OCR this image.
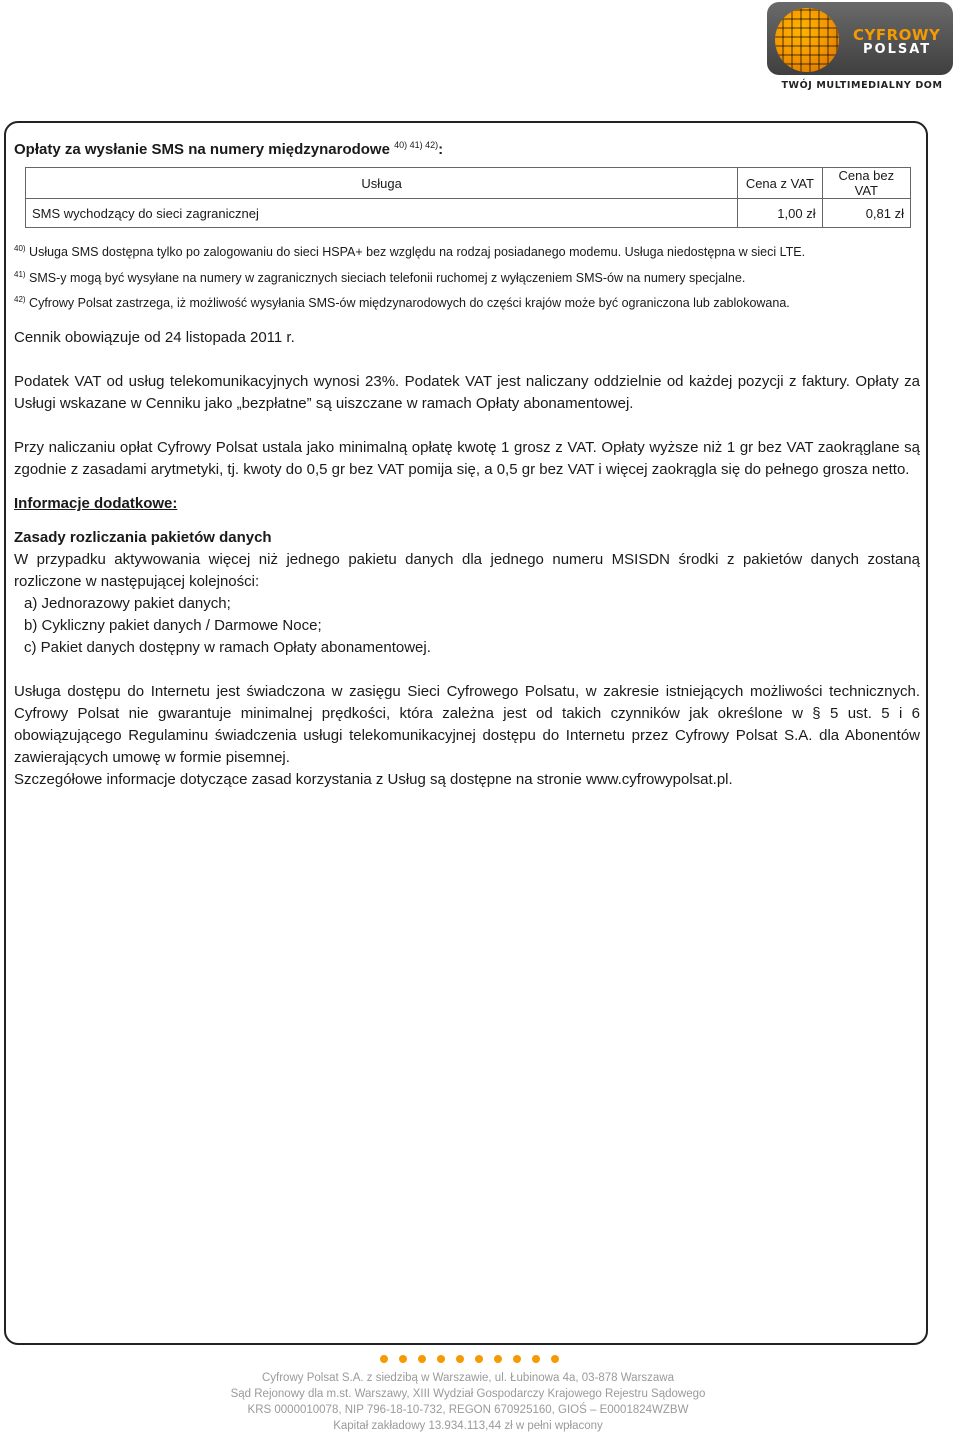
CYFROWY
POLSAT
TWÓJ MULTIMEDIALNY DOM

Opłaty za wysłanie SMS na numery międzynarodowe $^{40) 41) 42)}$:

Usługa	Cena z VAT	Cena bez VAT
SMS wychodzący do sieci zagranicznej	1,00 zł	0,81 zł

$^{40)}$ Usługa SMS dostępna tylko po zalogowaniu do sieci HSPA+ bez względu na rodzaj posiadanego modemu. Usługa niedostępna w sieci LTE.

$^{41)}$ SMS-y mogą być wysyłane na numery w zagranicznych sieciach telefonii ruchomej z wyłączeniem SMS-ów na numery specjalne.

$^{42)}$ Cyfrowy Polsat zastrzega, iż możliwość wysyłania SMS-ów międzynarodowych do części krajów może być ograniczona lub zablokowana.

Cennik obowiązuje od 24 listopada 2011 r.

Podatek VAT od usług telekomunikacyjnych wynosi 23%. Podatek VAT jest naliczany oddzielnie od każdej pozycji z faktury. Opłaty za Usługi wskazane w Cenniku jako „bezpłatne” są uiszczane w ramach Opłaty abonamentowej.

Przy naliczaniu opłat Cyfrowy Polsat ustala jako minimalną opłatę kwotę 1 grosz z VAT. Opłaty wyższe niż 1 gr bez VAT zaokrąglane są zgodnie z zasadami arytmetyki, tj. kwoty do 0,5 gr bez VAT pomija się, a 0,5 gr bez VAT i więcej zaokrągla się do pełnego grosza netto.

Informacje dodatkowe:

Zasady rozliczania pakietów danych

W przypadku aktywowania więcej niż jednego pakietu danych dla jednego numeru MSISDN środki z pakietów danych zostaną rozliczone w następującej kolejności:

a) Jednorazowy pakiet danych;

b) Cykliczny pakiet danych / Darmowe Noce;

c) Pakiet danych dostępny w ramach Opłaty abonamentowej.

Usługa dostępu do Internetu jest świadczona w zasięgu Sieci Cyfrowego Polsatu, w zakresie istniejących możliwości technicznych. Cyfrowy Polsat nie gwarantuje minimalnej prędkości, która zależna jest od takich czynników jak określone w § 5 ust. 5 i 6 obowiązującego Regulaminu świadczenia usługi telekomunikacyjnej dostępu do Internetu przez Cyfrowy Polsat S.A. dla Abonentów zawierających umowę w formie pisemnej.

Szczegółowe informacje dotyczące zasad korzystania z Usług są dostępne na stronie www.cyfrowypolsat.pl.

Cyfrowy Polsat S.A. z siedzibą w Warszawie, ul. Łubinowa 4a, 03-878 Warszawa

Sąd Rejonowy dla m.st. Warszawy, XIII Wydział Gospodarczy Krajowego Rejestru Sądowego

KRS 0000010078, NIP 796-18-10-732, REGON 670925160, GIOŚ – E0001824WZBW

Kapitał zakładowy 13.934.113,44 zł w pełni wpłacony
